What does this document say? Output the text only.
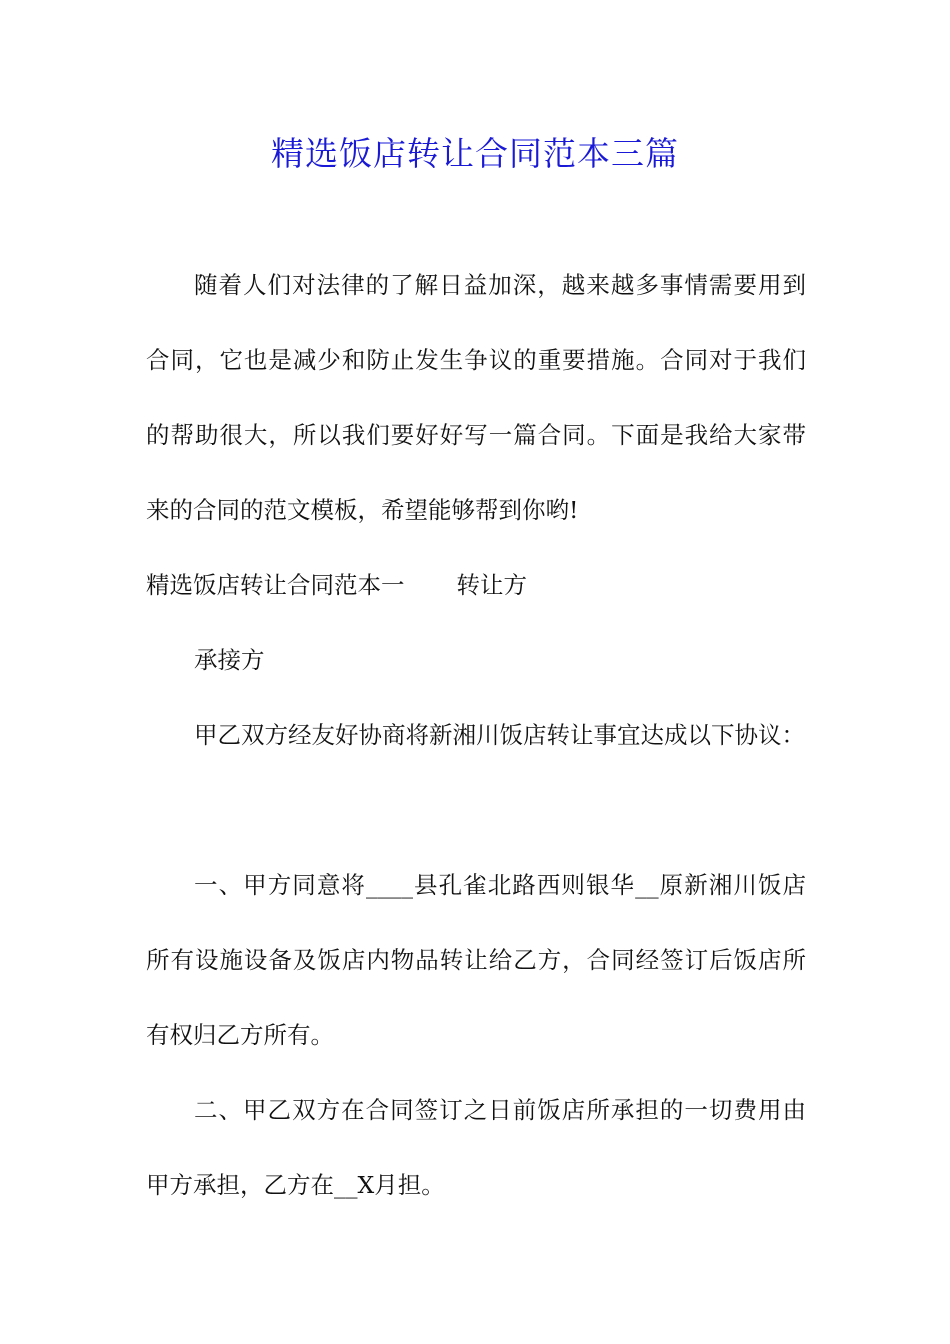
精选饭店转让合同范本三篇
随着人们对法律的了解日益加深，越来越多事情需要用到
合同，它也是减少和防止发生争议的重要措施。合同对于我们
的帮助很大，所以我们要好好写一篇合同。下面是我给大家带
来的合同的范文模板，希望能够帮到你哟!
精选饭店转让合同范本一 转让方
承接方
甲乙双方经友好协商将新湘川饭店转让事宜达成以下协议：
一、甲方同意将____县孔雀北路西则银华__原新湘川饭店
所有设施设备及饭店内物品转让给乙方，合同经签订后饭店所
有权归乙方所有。
二、甲乙双方在合同签订之日前饭店所承担的一切费用由
甲方承担，乙方在__X月担。
